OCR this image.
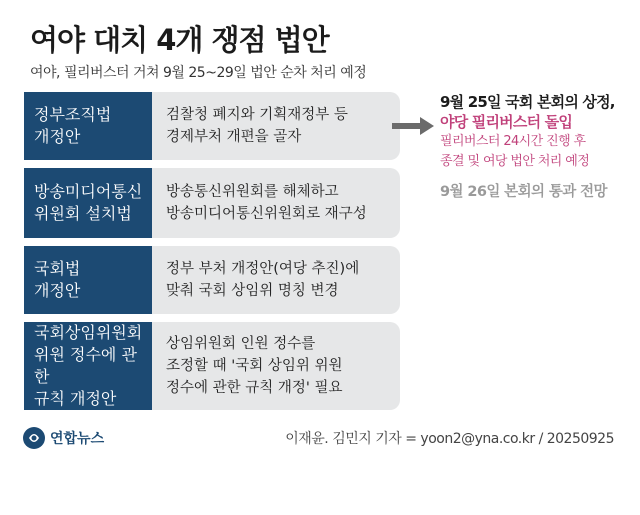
여야 대치 4개 쟁점 법안
여야, 필리버스터 거쳐 9월 25~29일 법안 순차 처리 예정
정부조직법
개정안
검찰청 폐지와 기획재정부 등
경제부처 개편을 골자
방송미디어통신
위원회 설치법
방송통신위원회를 해체하고
방송미디어통신위원회로 재구성
국회법
개정안
정부 부처 개정안(여당 추진)에
맞춰 국회 상임위 명칭 변경
국회상임위원회
위원 정수에 관한
규칙 개정안
상임위원회 인원 정수를
조정할 때 '국회 상임위 위원
정수에 관한 규칙 개정' 필요
9월 25일 국회 본회의 상정,
야당 필리버스터 돌입
필리버스터 24시간 진행 후
종결 및 여당 법안 처리 예정
9월 26일 본회의 통과 전망
연합뉴스	이재윤. 김민지 기자 = yoon2@yna.co.kr / 20250925
